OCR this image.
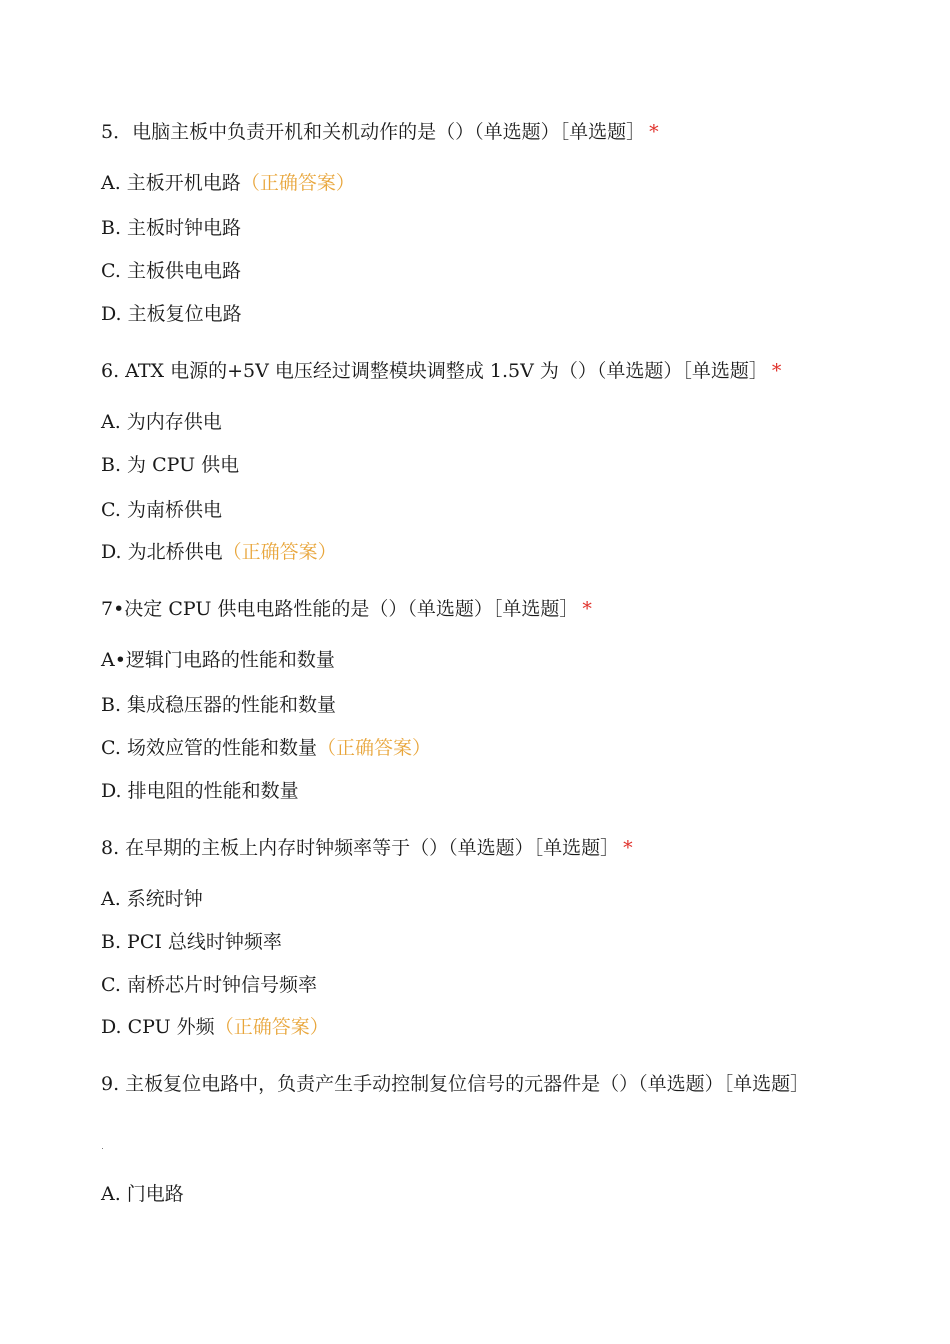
5．电脑主板中负责开机和关机动作的是（）（单选题）［单选题］ *
A. 主板开机电路（正确答案）
B. 主板时钟电路
C. 主板供电电路
D. 主板复位电路
6. ATX 电源的+5V 电压经过调整模块调整成 1.5V 为（）（单选题）［单选题］ *
A. 为内存供电
B. 为 CPU 供电
C. 为南桥供电
D. 为北桥供电（正确答案）
7•决定 CPU 供电电路性能的是（）（单选题）［单选题］ *
A•逻辑门电路的性能和数量
B. 集成稳压器的性能和数量
C. 场效应管的性能和数量（正确答案）
D. 排电阻的性能和数量
8. 在早期的主板上内存时钟频率等于（）（单选题）［单选题］ *
A. 系统时钟
B. PCI 总线时钟频率
C. 南桥芯片时钟信号频率
D. CPU 外频（正确答案）
9. 主板复位电路中，负责产生手动控制复位信号的元器件是（）（单选题）［单选题］
A. 门电路
